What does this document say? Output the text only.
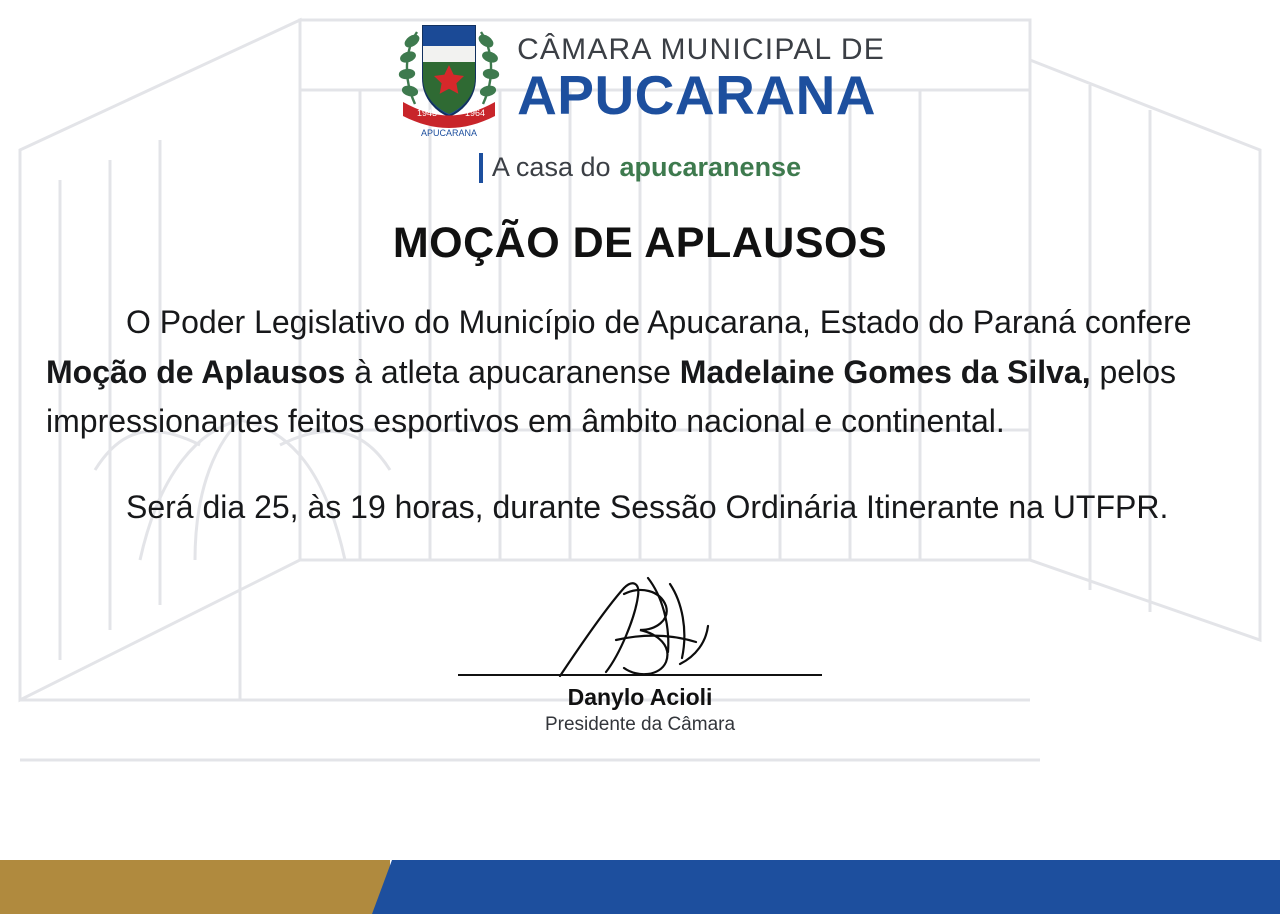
1943	1964
APUCARANA
CÂMARA MUNICIPAL DE
APUCARANA
A casa do apucaranense
MOÇÃO DE APLAUSOS

O Poder Legislativo do Município de Apucarana, Estado do Paraná confere Moção de Aplausos à atleta apucaranense Madelaine Gomes da Silva, pelos impressionantes feitos esportivos em âmbito nacional e continental.

Será dia 25, às 19 horas, durante Sessão Ordinária Itinerante na UTFPR.

Danylo Acioli
Presidente da Câmara
